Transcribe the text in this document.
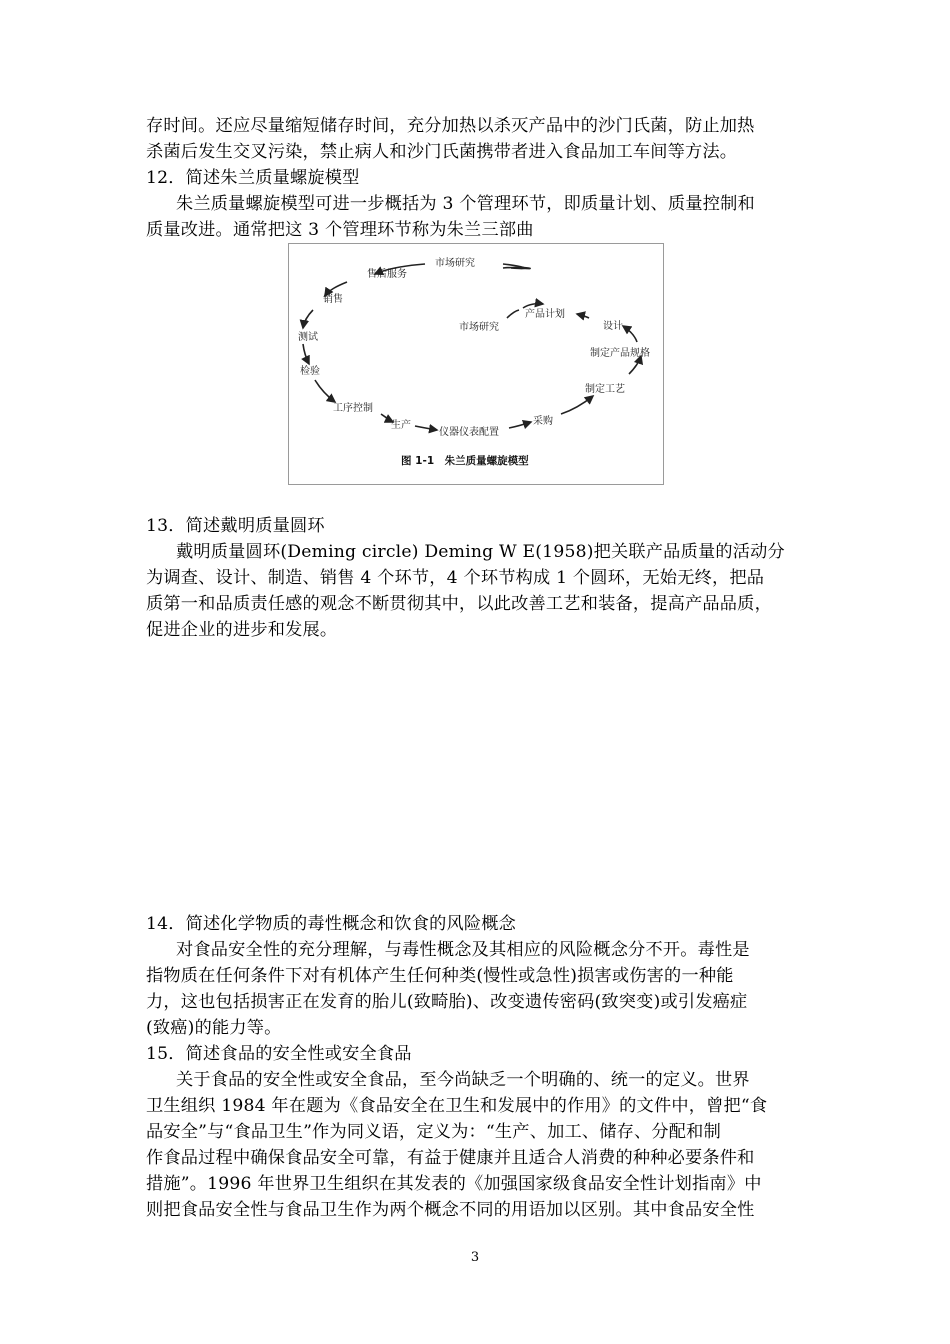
存时间。还应尽量缩短储存时间，充分加热以杀灭产品中的沙门氏菌，防止加热
杀菌后发生交叉污染，禁止病人和沙门氏菌携带者进入食品加工车间等方法。
12．简述朱兰质量螺旋模型
朱兰质量螺旋模型可进一步概括为 3 个管理环节，即质量计划、质量控制和
质量改进。通常把这 3 个管理环节称为朱兰三部曲
市场研究
售后服务
销售
测试
检验
工序控制
生产
仪器仪表配置
采购
制定工艺
制定产品规格
设计
产品计划
市场研究
图 1-1　朱兰质量螺旋模型
13．简述戴明质量圆环
戴明质量圆环(Deming circle) Deming W E(1958)把关联产品质量的活动分
为调查、设计、制造、销售 4 个环节，4 个环节构成 1 个圆环，无始无终，把品
质第一和品质责任感的观念不断贯彻其中，以此改善工艺和装备，提高产品品质，
促进企业的进步和发展。
14．简述化学物质的毒性概念和饮食的风险概念
对食品安全性的充分理解，与毒性概念及其相应的风险概念分不开。毒性是
指物质在任何条件下对有机体产生任何种类(慢性或急性)损害或伤害的一种能
力，这也包括损害正在发育的胎儿(致畸胎)、改变遗传密码(致突变)或引发癌症
(致癌)的能力等。
15．简述食品的安全性或安全食品
关于食品的安全性或安全食品，至今尚缺乏一个明确的、统一的定义。世界
卫生组织 1984 年在题为《食品安全在卫生和发展中的作用》的文件中，曾把“食
品安全”与“食品卫生”作为同义语，定义为：“生产、加工、储存、分配和制
作食品过程中确保食品安全可靠，有益于健康并且适合人消费的种种必要条件和
措施”。1996 年世界卫生组织在其发表的《加强国家级食品安全性计划指南》中
则把食品安全性与食品卫生作为两个概念不同的用语加以区别。其中食品安全性
3
